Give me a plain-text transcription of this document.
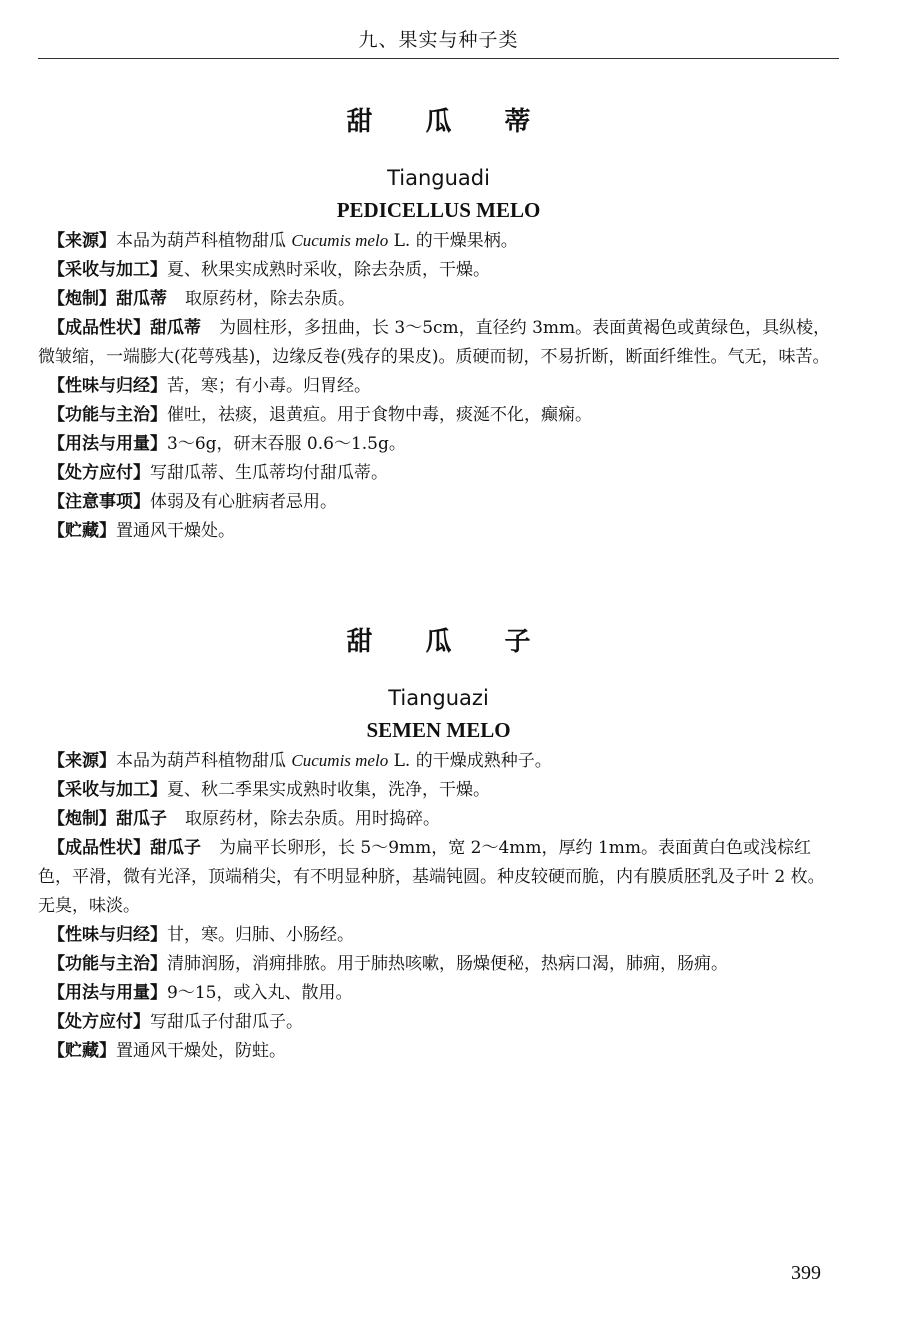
九、果实与种子类
甜 瓜 蒂
Tianguadi
PEDICELLUS MELO

【来源】本品为葫芦科植物甜瓜 Cucumis melo L. 的干燥果柄。

【采收与加工】夏、秋果实成熟时采收，除去杂质，干燥。

【炮制】甜瓜蒂 取原药材，除去杂质。

【成品性状】甜瓜蒂 为圆柱形，多扭曲，长 3～5cm，直径约 3mm。表面黄褐色或黄绿色，具纵棱，微皱缩，一端膨大(花萼残基)，边缘反卷(残存的果皮)。质硬而韧，不易折断，断面纤维性。气无，味苦。

【性味与归经】苦，寒；有小毒。归胃经。

【功能与主治】催吐，祛痰，退黄疸。用于食物中毒，痰涎不化，癫痫。

【用法与用量】3～6g，研末吞服 0.6～1.5g。

【处方应付】写甜瓜蒂、生瓜蒂均付甜瓜蒂。

【注意事项】体弱及有心脏病者忌用。

【贮藏】置通风干燥处。

甜 瓜 子
Tianguazi
SEMEN MELO

【来源】本品为葫芦科植物甜瓜 Cucumis melo L. 的干燥成熟种子。

【采收与加工】夏、秋二季果实成熟时收集，洗净，干燥。

【炮制】甜瓜子 取原药材，除去杂质。用时捣碎。

【成品性状】甜瓜子 为扁平长卵形，长 5～9mm，宽 2～4mm，厚约 1mm。表面黄白色或浅棕红色，平滑，微有光泽，顶端稍尖，有不明显种脐，基端钝圆。种皮较硬而脆，内有膜质胚乳及子叶 2 枚。无臭，味淡。

【性味与归经】甘，寒。归肺、小肠经。

【功能与主治】清肺润肠，消痈排脓。用于肺热咳嗽，肠燥便秘，热病口渴，肺痈，肠痈。

【用法与用量】9～15，或入丸、散用。

【处方应付】写甜瓜子付甜瓜子。

【贮藏】置通风干燥处，防蛀。

399
